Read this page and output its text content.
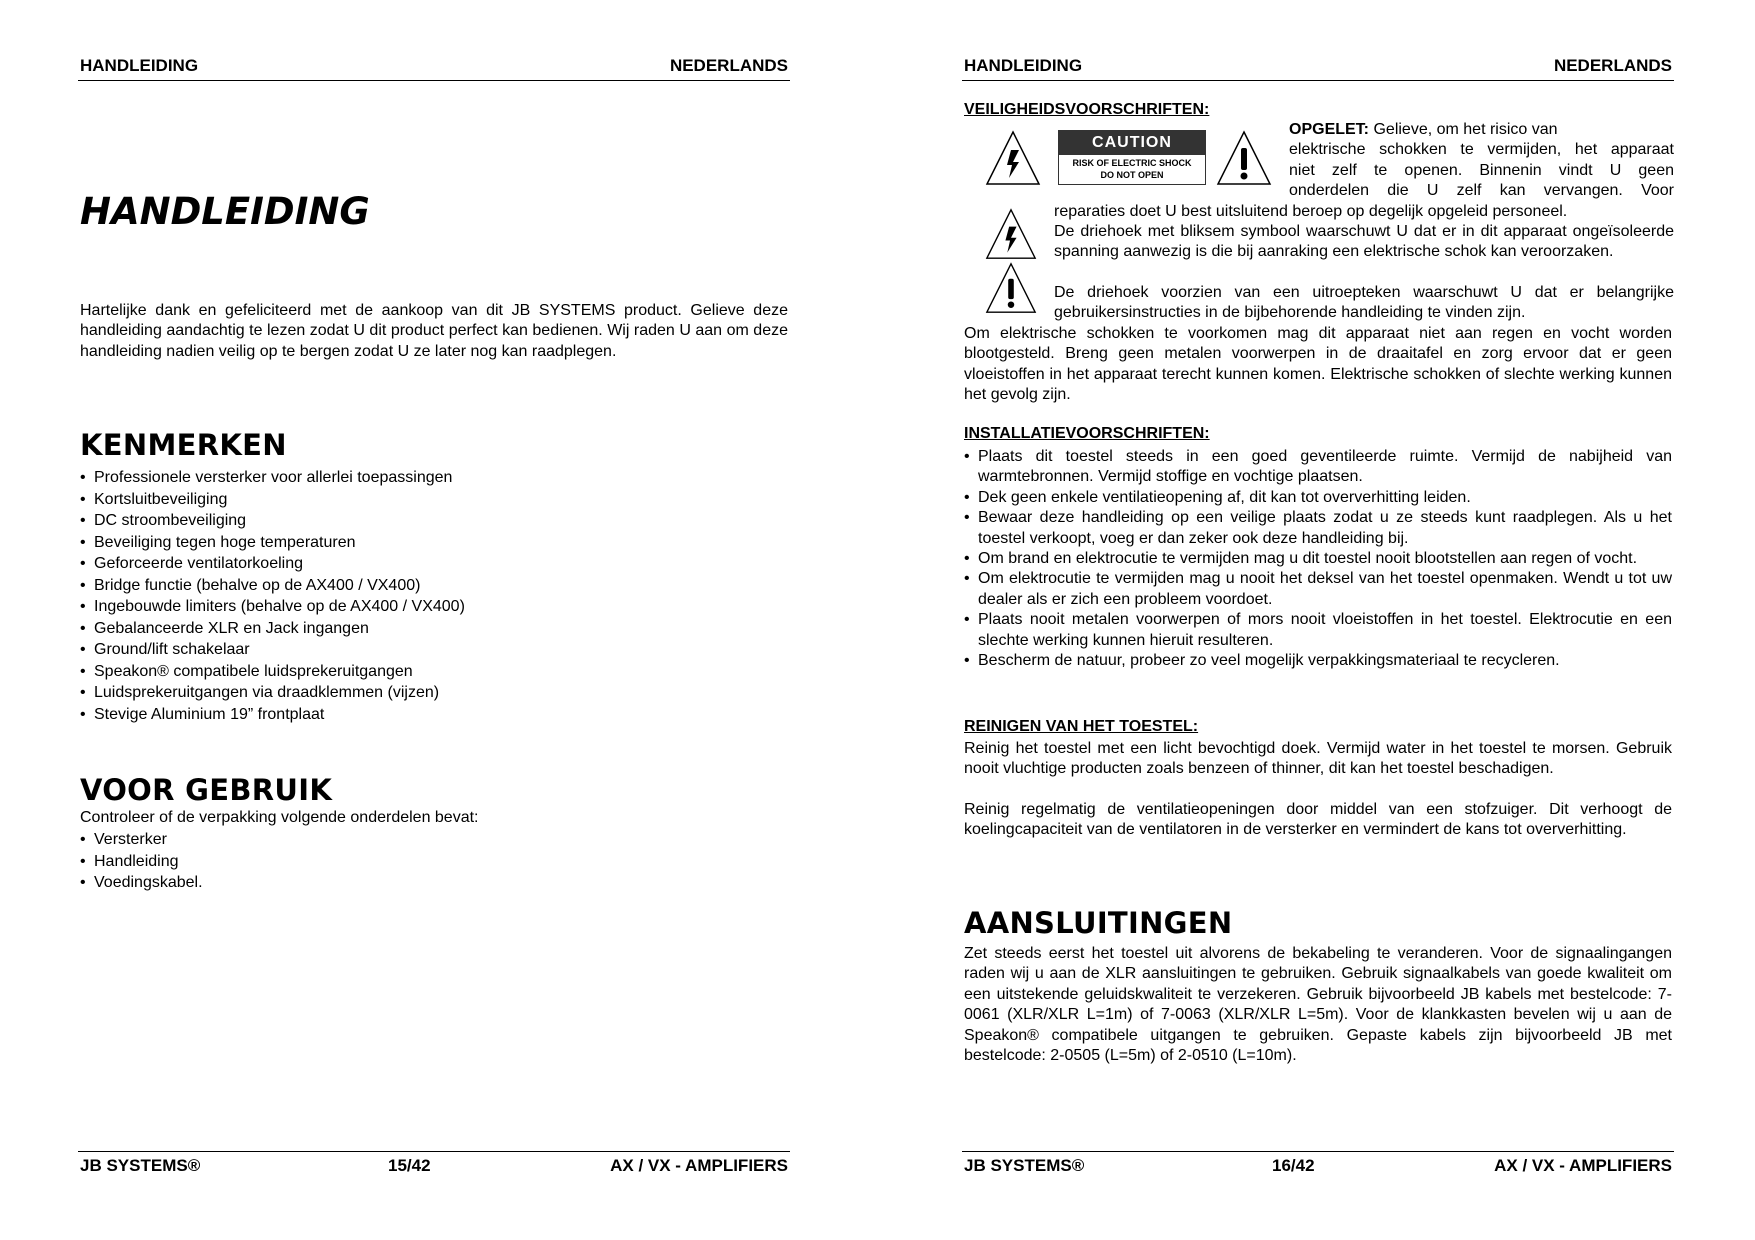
HANDLEIDING	NEDERLANDS
HANDLEIDING
Hartelijke dank en gefeliciteerd met de aankoop van dit JB SYSTEMS product. Gelieve deze handleiding aandachtig te lezen zodat U dit product perfect kan bedienen. Wij raden U aan om deze handleiding nadien veilig op te bergen zodat U ze later nog kan raadplegen.
KENMERKEN
• Professionele versterker voor allerlei toepassingen
• Kortsluitbeveiliging
• DC stroombeveiliging
• Beveiliging tegen hoge temperaturen
• Geforceerde ventilatorkoeling
• Bridge functie (behalve op de AX400 / VX400)
• Ingebouwde limiters (behalve op de AX400 / VX400)
• Gebalanceerde XLR en Jack ingangen
• Ground/lift schakelaar
• Speakon® compatibele luidsprekeruitgangen
• Luidsprekeruitgangen via draadklemmen (vijzen)
• Stevige Aluminium 19” frontplaat
VOOR GEBRUIK
Controleer of de verpakking volgende onderdelen bevat:
• Versterker
• Handleiding
• Voedingskabel.
JB SYSTEMS®	15/42	AX / VX - AMPLIFIERS
HANDLEIDING	NEDERLANDS
VEILIGHEIDSVOORSCHRIFTEN:
CAUTION
RISK OF ELECTRIC SHOCK
DO NOT OPEN
OPGELET: Gelieve, om het risico van
elektrische schokken te vermijden, het apparaat
niet zelf te openen. Binnenin vindt U geen
onderdelen die U zelf kan vervangen. Voor
reparaties doet U best uitsluitend beroep op degelijk opgeleid personeel.
De driehoek met bliksem symbool waarschuwt U dat er in dit apparaat ongeïsoleerde spanning aanwezig is die bij aanraking een elektrische schok kan veroorzaken.
De driehoek voorzien van een uitroepteken waarschuwt U dat er belangrijke gebruikersinstructies in de bijbehorende handleiding te vinden zijn.
Om elektrische schokken te voorkomen mag dit apparaat niet aan regen en vocht worden blootgesteld. Breng geen metalen voorwerpen in de draaitafel en zorg ervoor dat er geen vloeistoffen in het apparaat terecht kunnen komen. Elektrische schokken of slechte werking kunnen het gevolg zijn.
INSTALLATIEVOORSCHRIFTEN:
• Plaats dit toestel steeds in een goed geventileerde ruimte. Vermijd de nabijheid van warmtebronnen. Vermijd stoffige en vochtige plaatsen.
• Dek geen enkele ventilatieopening af, dit kan tot oververhitting leiden.
• Bewaar deze handleiding op een veilige plaats zodat u ze steeds kunt raadplegen. Als u het toestel verkoopt, voeg er dan zeker ook deze handleiding bij.
• Om brand en elektrocutie te vermijden mag u dit toestel nooit blootstellen aan regen of vocht.
• Om elektrocutie te vermijden mag u nooit het deksel van het toestel openmaken. Wendt u tot uw dealer als er zich een probleem voordoet.
• Plaats nooit metalen voorwerpen of mors nooit vloeistoffen in het toestel. Elektrocutie en een slechte werking kunnen hieruit resulteren.
• Bescherm de natuur, probeer zo veel mogelijk verpakkingsmateriaal te recycleren.
REINIGEN VAN HET TOESTEL:
Reinig het toestel met een licht bevochtigd doek. Vermijd water in het toestel te morsen. Gebruik nooit vluchtige producten zoals benzeen of thinner, dit kan het toestel beschadigen.
Reinig regelmatig de ventilatieopeningen door middel van een stofzuiger. Dit verhoogt de koelingcapaciteit van de ventilatoren in de versterker en vermindert de kans tot oververhitting.
AANSLUITINGEN
Zet steeds eerst het toestel uit alvorens de bekabeling te veranderen. Voor de signaalingangen raden wij u aan de XLR aansluitingen te gebruiken. Gebruik signaalkabels van goede kwaliteit om een uitstekende geluidskwaliteit te verzekeren. Gebruik bijvoorbeeld JB kabels met bestelcode: 7-0061 (XLR/XLR L=1m) of 7-0063 (XLR/XLR L=5m). Voor de klankkasten bevelen wij u aan de Speakon® compatibele uitgangen te gebruiken. Gepaste kabels zijn bijvoorbeeld JB met bestelcode: 2-0505 (L=5m) of 2-0510 (L=10m).
JB SYSTEMS®	16/42	AX / VX - AMPLIFIERS
